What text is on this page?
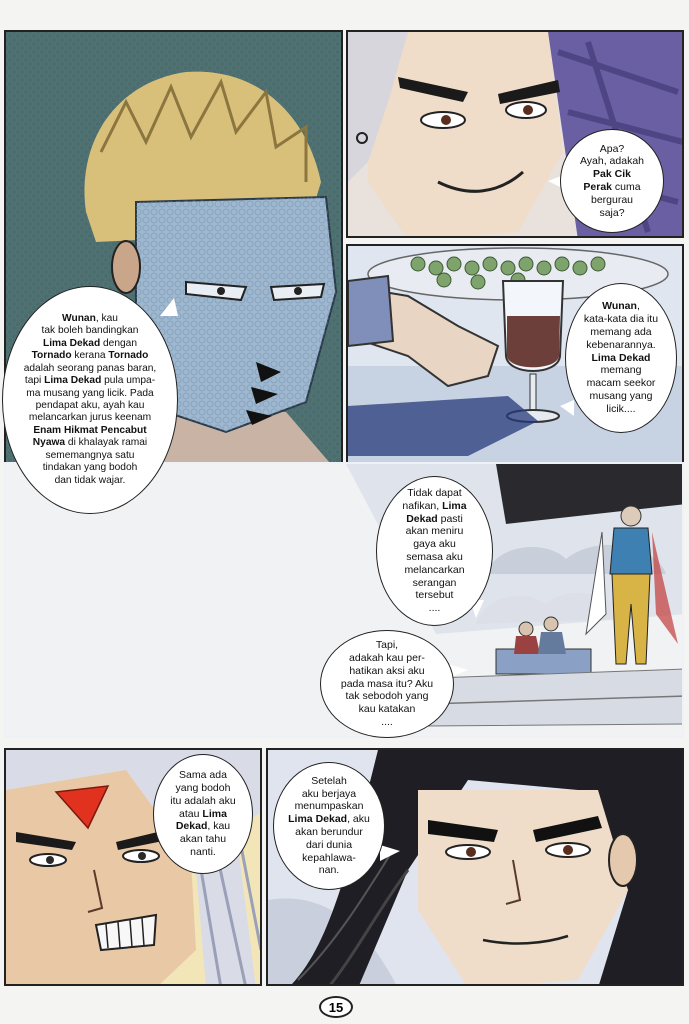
Wunan, kau
tak boleh bandingkan
Lima Dekad dengan
Tornado kerana Tornado
adalah seorang panas baran,
tapi Lima Dekad pula umpa-
ma musang yang licik. Pada
pendapat aku, ayah kau
melancarkan jurus keenam
Enam Hikmat Pencabut
Nyawa di khalayak ramai
sememangnya satu
tindakan yang bodoh
dan tidak wajar.
Apa?
Ayah, adakah
Pak Cik
Perak cuma
bergurau
saja?
Wunan,
kata-kata dia itu
memang ada
kebenarannya.
Lima Dekad
memang
macam seekor
musang yang
licik....
Tidak dapat
nafikan, Lima
Dekad pasti
akan meniru
gaya aku
semasa aku
melancarkan
serangan
tersebut
....
Tapi,
adakah kau per-
hatikan aksi aku
pada masa itu? Aku
tak sebodoh yang
kau katakan
....
Sama ada
yang bodoh
itu adalah aku
atau Lima
Dekad, kau
akan tahu
nanti.
Setelah
aku berjaya
menumpaskan
Lima Dekad, aku
akan berundur
dari dunia
kepahlawa-
nan.
15
